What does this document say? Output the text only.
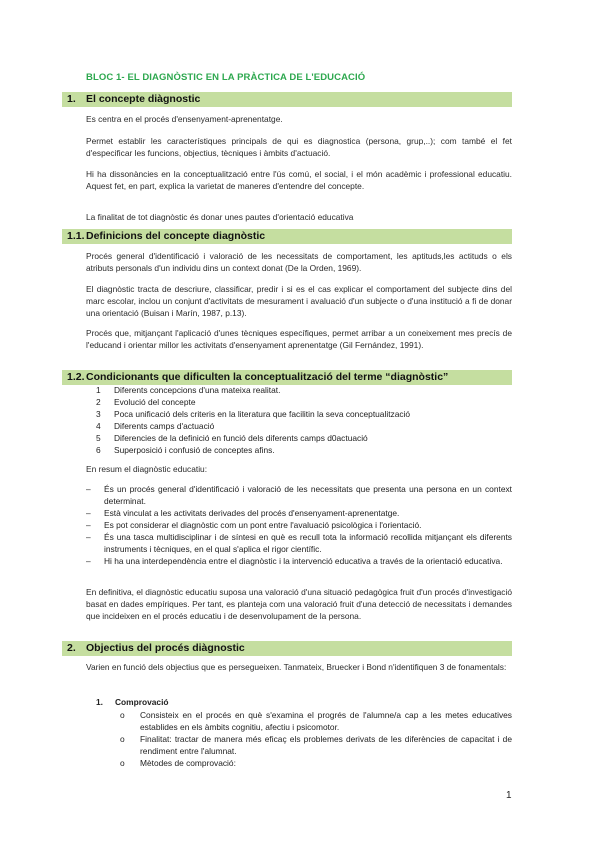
BLOC 1- EL DIAGNÒSTIC EN LA PRÀCTICA DE L'EDUCACIÓ
1. El concepte diàgnostic

Es centra en el procés d'ensenyament-aprenentatge.

Permet establir les característiques principals de qui es diagnostica (persona, grup,..); com també el fet d'especificar les funcions, objectius, tècniques i àmbits d'actuació.

Hi ha dissonàncies en la conceptualització entre l'ús comú, el social, i el món acadèmic i professional educatiu. Aquest fet, en part, explica la varietat de maneres d'entendre del concepte.

La finalitat de tot diagnòstic és donar unes pautes d'orientació educativa

1.1. Definicions del concepte diagnòstic

Procés general d'identificació i valoració de les necessitats de comportament, les aptituds,les actituds o els atributs personals d'un individu dins un context donat (De la Orden, 1969).

El diagnòstic tracta de descriure, classificar, predir i si es el cas explicar el comportament del subjecte dins del marc escolar, inclou un conjunt d'activitats de mesurament i avaluació d'un subjecte o d'una institució a fi de donar una orientació (Buisan i Marín, 1987, p.13).

Procés que, mitjançant l'aplicació d'unes tècniques específiques, permet arribar a un coneixement mes precís de l'educand i orientar millor les activitats d'ensenyament aprenentatge (Gil Fernández, 1991).

1.2. Condicionants que dificulten la conceptualització del terme “diagnòstic”
1 Diferents concepcions d'una mateixa realitat.
2 Evolució del concepte
3 Poca unificació dels criteris en la literatura que facilitin la seva conceptualització
4 Diferents camps d'actuació
5 Diferencies de la definició en funció dels diferents camps d0actuació
6 Superposició i confusió de conceptes afins.

En resum el diagnòstic educatiu:

– És un procés general d'identificació i valoració de les necessitats que presenta una persona en un context determinat.
– Està vinculat a les activitats derivades del procés d'ensenyament-aprenentatge.
– Es pot considerar el diagnòstic com un pont entre l'avaluació psicològica i l'orientació.
– És una tasca multidisciplinar i de síntesi en què es recull tota la informació recollida mitjançant els diferents instruments i tècniques, en el qual s'aplica el rigor científic.
– Hi ha una interdependència entre el diagnòstic i la intervenció educativa a través de la orientació educativa.

En definitiva, el diagnòstic educatiu suposa una valoració d'una situació pedagògica fruit d'un procés d'investigació basat en dades empíriques. Per tant, es planteja com una valoració fruit d'una detecció de necessitats i demandes que incideixen en el procés educatiu i de desenvolupament de la persona.

2. Objectius del procés diàgnostic

Varien en funció dels objectius que es persegueixen. Tanmateix, Bruecker i Bond n'identifiquen 3 de fonamentals:

1. Comprovació
o Consisteix en el procés en què s'examina el progrés de l'alumne/a cap a les metes educatives establides en els àmbits cognitiu, afectiu i psicomotor.
o Finalitat: tractar de manera més eficaç els problemes derivats de les diferències de capacitat i de rendiment entre l'alumnat.
o Mètodes de comprovació:
1
